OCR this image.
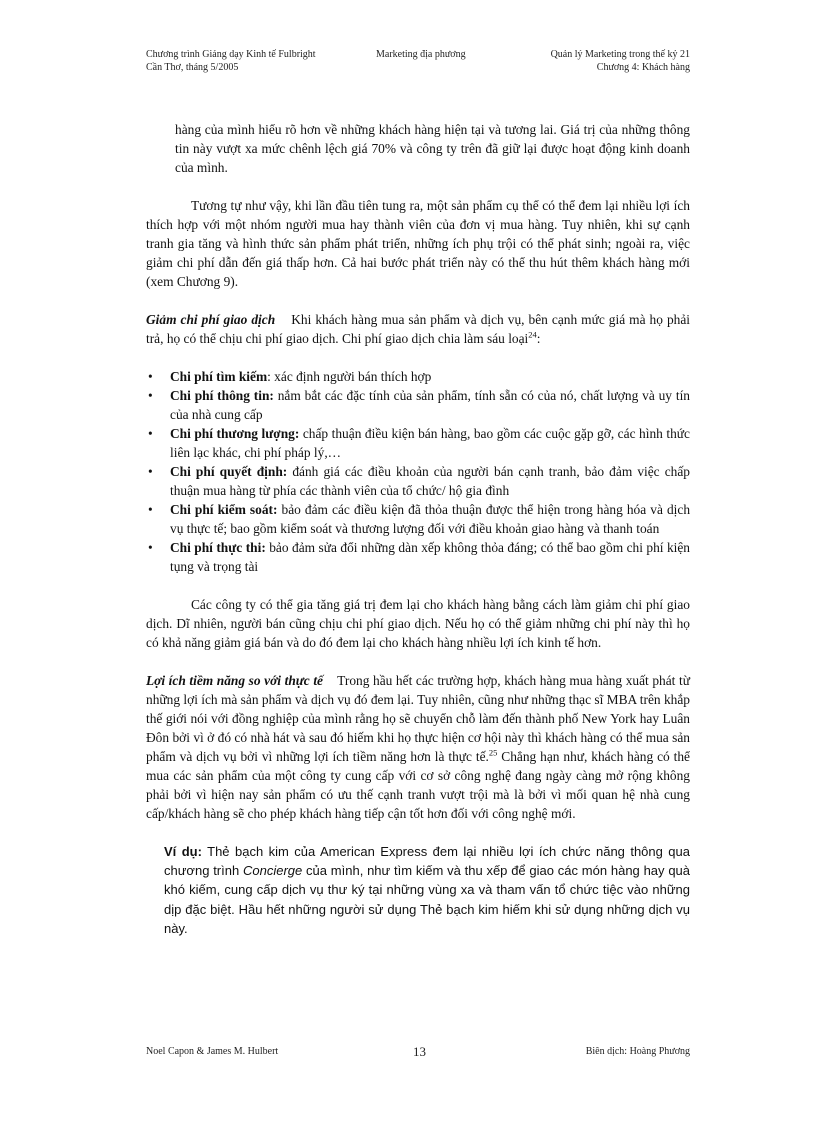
Chương trình Giảng dạy Kinh tế Fulbright
Cần Thơ, tháng 5/2005
Marketing địa phương	Quản lý Marketing trong thế kỷ 21
Chương 4: Khách hàng

hàng của mình hiểu rõ hơn về những khách hàng hiện tại và tương lai. Giá trị của những thông tin này vượt xa mức chênh lệch giá 70% và công ty trên đã giữ lại được hoạt động kinh doanh của mình.

Tương tự như vậy, khi lần đầu tiên tung ra, một sản phẩm cụ thể có thể đem lại nhiều lợi ích thích hợp với một nhóm người mua hay thành viên của đơn vị mua hàng. Tuy nhiên, khi sự cạnh tranh gia tăng và hình thức sản phẩm phát triển, những ích phụ trội có thể phát sinh; ngoài ra, việc giảm chi phí dẫn đến giá thấp hơn. Cả hai bước phát triển này có thể thu hút thêm khách hàng mới (xem Chương 9).

Giảm chi phí giao dịch Khi khách hàng mua sản phẩm và dịch vụ, bên cạnh mức giá mà họ phải trả, họ có thể chịu chi phí giao dịch. Chi phí giao dịch chia làm sáu loại$^{24}$:

• Chi phí tìm kiếm: xác định người bán thích hợp
• Chi phí thông tin: nắm bắt các đặc tính của sản phẩm, tính sẵn có của nó, chất lượng và uy tín của nhà cung cấp
• Chi phí thương lượng: chấp thuận điều kiện bán hàng, bao gồm các cuộc gặp gỡ, các hình thức liên lạc khác, chi phí pháp lý,…
• Chi phí quyết định: đánh giá các điều khoản của người bán cạnh tranh, bảo đảm việc chấp thuận mua hàng từ phía các thành viên của tổ chức/ hộ gia đình
• Chi phí kiểm soát: bảo đảm các điều kiện đã thỏa thuận được thể hiện trong hàng hóa và dịch vụ thực tế; bao gồm kiểm soát và thương lượng đối với điều khoản giao hàng và thanh toán
• Chi phí thực thi: bảo đảm sửa đổi những dàn xếp không thỏa đáng; có thể bao gồm chi phí kiện tụng và trọng tài

Các công ty có thể gia tăng giá trị đem lại cho khách hàng bằng cách làm giảm chi phí giao dịch. Dĩ nhiên, người bán cũng chịu chi phí giao dịch. Nếu họ có thể giảm những chi phí này thì họ có khả năng giảm giá bán và do đó đem lại cho khách hàng nhiều lợi ích kinh tế hơn.

Lợi ích tiềm năng so với thực tế Trong hầu hết các trường hợp, khách hàng mua hàng xuất phát từ những lợi ích mà sản phẩm và dịch vụ đó đem lại. Tuy nhiên, cũng như những thạc sĩ MBA trên khắp thế giới nói với đồng nghiệp của mình rằng họ sẽ chuyển chỗ làm đến thành phố New York hay Luân Đôn bởi vì ở đó có nhà hát và sau đó hiếm khi họ thực hiện cơ hội này thì khách hàng có thể mua sản phẩm và dịch vụ bởi vì những lợi ích tiềm năng hơn là thực tế.$^{25}$ Chẳng hạn như, khách hàng có thể mua các sản phẩm của một công ty cung cấp với cơ sở công nghệ đang ngày càng mở rộng không phải bởi vì hiện nay sản phẩm có ưu thế cạnh tranh vượt trội mà là bởi vì mối quan hệ nhà cung cấp/khách hàng sẽ cho phép khách hàng tiếp cận tốt hơn đối với công nghệ mới.

Ví dụ: Thẻ bạch kim của American Express đem lại nhiều lợi ích chức năng thông qua chương trình Concierge của mình, như tìm kiếm và thu xếp để giao các món hàng hay quà khó kiếm, cung cấp dịch vụ thư ký tại những vùng xa và tham vấn tổ chức tiệc vào những dịp đặc biệt. Hầu hết những người sử dụng Thẻ bạch kim hiếm khi sử dụng những dịch vụ này.

Noel Capon & James M. Hulbert	13	Biên dịch: Hoàng Phương
